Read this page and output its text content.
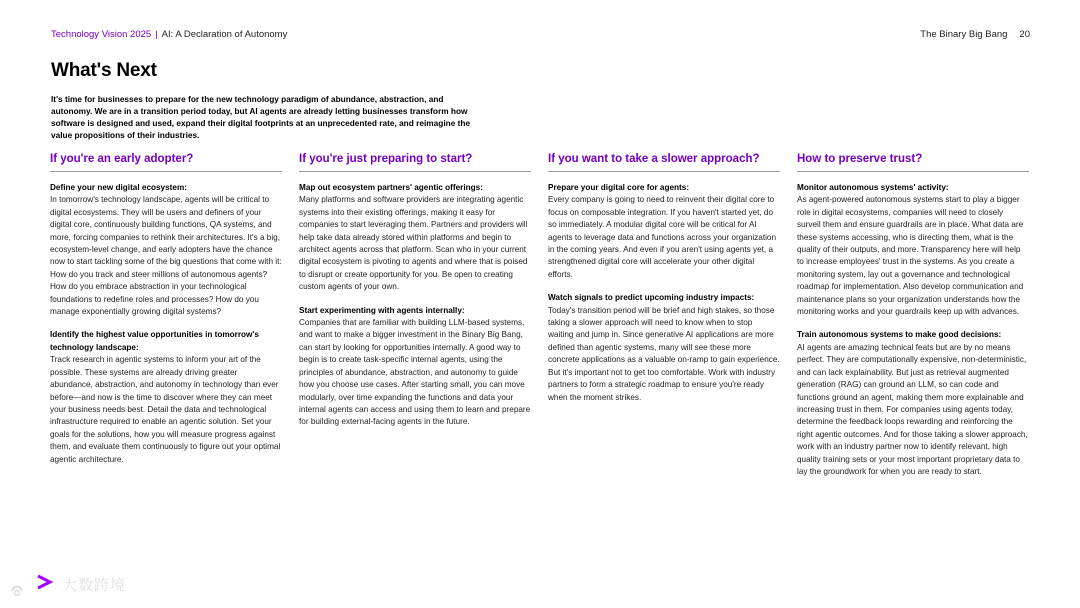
Technology Vision 2025 | AI: A Declaration of Autonomy	The Binary Big Bang 20
What's Next
It's time for businesses to prepare for the new technology paradigm of abundance, abstraction, and autonomy. We are in a transition period today, but AI agents are already letting businesses transform how software is designed and used, expand their digital footprints at an unprecedented rate, and reimagine the value propositions of their industries.
If you're an early adopter?
Define your new digital ecosystem:
In tomorrow's technology landscape, agents will be critical to digital ecosystems. They will be users and definers of your digital core, continuously building functions, QA systems, and more, forcing companies to rethink their architectures. It's a big, ecosystem-level change, and early adopters have the chance now to start tackling some of the big questions that come with it: How do you track and steer millions of autonomous agents? How do you embrace abstraction in your technological foundations to redefine roles and processes? How do you manage exponentially growing digital systems?
Identify the highest value opportunities in tomorrow's technology landscape:
Track research in agentic systems to inform your art of the possible. These systems are already driving greater abundance, abstraction, and autonomy in technology than ever before—and now is the time to discover where they can meet your business needs best. Detail the data and technological infrastructure required to enable an agentic solution. Set your goals for the solutions, how you will measure progress against them, and evaluate them continuously to figure out your optimal agentic architecture.
If you're just preparing to start?
Map out ecosystem partners' agentic offerings:
Many platforms and software providers are integrating agentic systems into their existing offerings, making it easy for companies to start leveraging them. Partners and providers will help take data already stored within platforms and begin to architect agents across that platform. Scan who in your current digital ecosystem is pivoting to agents and where that is poised to disrupt or create opportunity for you. Be open to creating custom agents of your own.
Start experimenting with agents internally:
Companies that are familiar with building LLM-based systems, and want to make a bigger investment in the Binary Big Bang, can start by looking for opportunities internally. A good way to begin is to create task-specific internal agents, using the principles of abundance, abstraction, and autonomy to guide how you choose use cases. After starting small, you can move modularly, over time expanding the functions and data your internal agents can access and using them to learn and prepare for building external-facing agents in the future.
If you want to take a slower approach?
Prepare your digital core for agents:
Every company is going to need to reinvent their digital core to focus on composable integration. If you haven't started yet, do so immediately. A modular digital core will be critical for AI agents to leverage data and functions across your organization in the coming years. And even if you aren't using agents yet, a strengthened digital core will accelerate your other digital efforts.
Watch signals to predict upcoming industry impacts:
Today's transition period will be brief and high stakes, so those taking a slower approach will need to know when to stop waiting and jump in. Since generative AI applications are more defined than agentic systems, many will see these more concrete applications as a valuable on-ramp to gain experience. But it's important not to get too comfortable. Work with industry partners to form a strategic roadmap to ensure you're ready when the moment strikes.
How to preserve trust?
Monitor autonomous systems' activity:
As agent-powered autonomous systems start to play a bigger role in digital ecosystems, companies will need to closely surveil them and ensure guardrails are in place. What data are these systems accessing, who is directing them, what is the quality of their outputs, and more. Transparency here will help to increase employees' trust in the systems. As you create a monitoring system, lay out a governance and technological roadmap for implementation. Also develop communication and maintenance plans so your organization understands how the monitoring works and your guardrails keep up with advances.
Train autonomous systems to make good decisions:
AI agents are amazing technical feats but are by no means perfect. They are computationally expensive, non-deterministic, and can lack explainability. But just as retrieval augmented generation (RAG) can ground an LLM, so can code and functions ground an agent, making them more explainable and increasing trust in them. For companies using agents today, determine the feedback loops rewarding and reinforcing the right agentic outcomes. And for those taking a slower approach, work with an industry partner now to identify relevant, high quality training sets or your most important proprietary data to lay the groundwork for when you are ready to start.
大数跨境
